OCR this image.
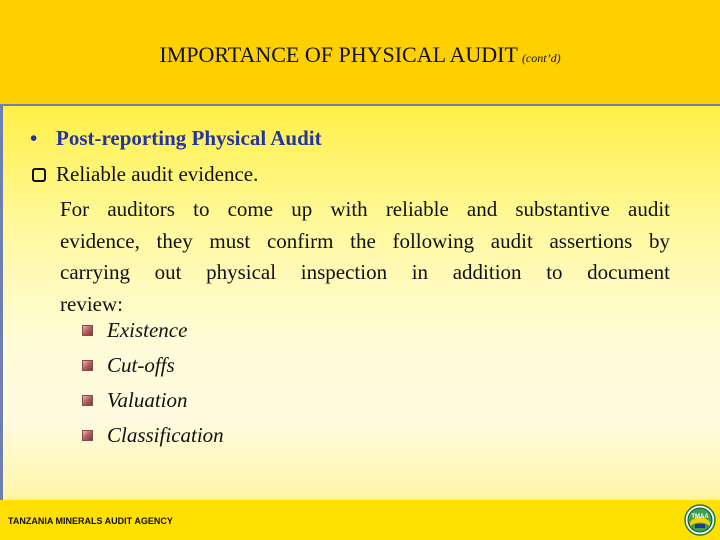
IMPORTANCE OF PHYSICAL AUDIT (cont’d)
• Post-reporting Physical Audit
Reliable audit evidence.
For auditors to come up with reliable and substantive audit
evidence, they must confirm the following audit assertions by
carrying out physical inspection in addition to document
review:
Existence
Cut-offs
Valuation
Classification
TANZANIA MINERALS AUDIT AGENCY	TMAA
